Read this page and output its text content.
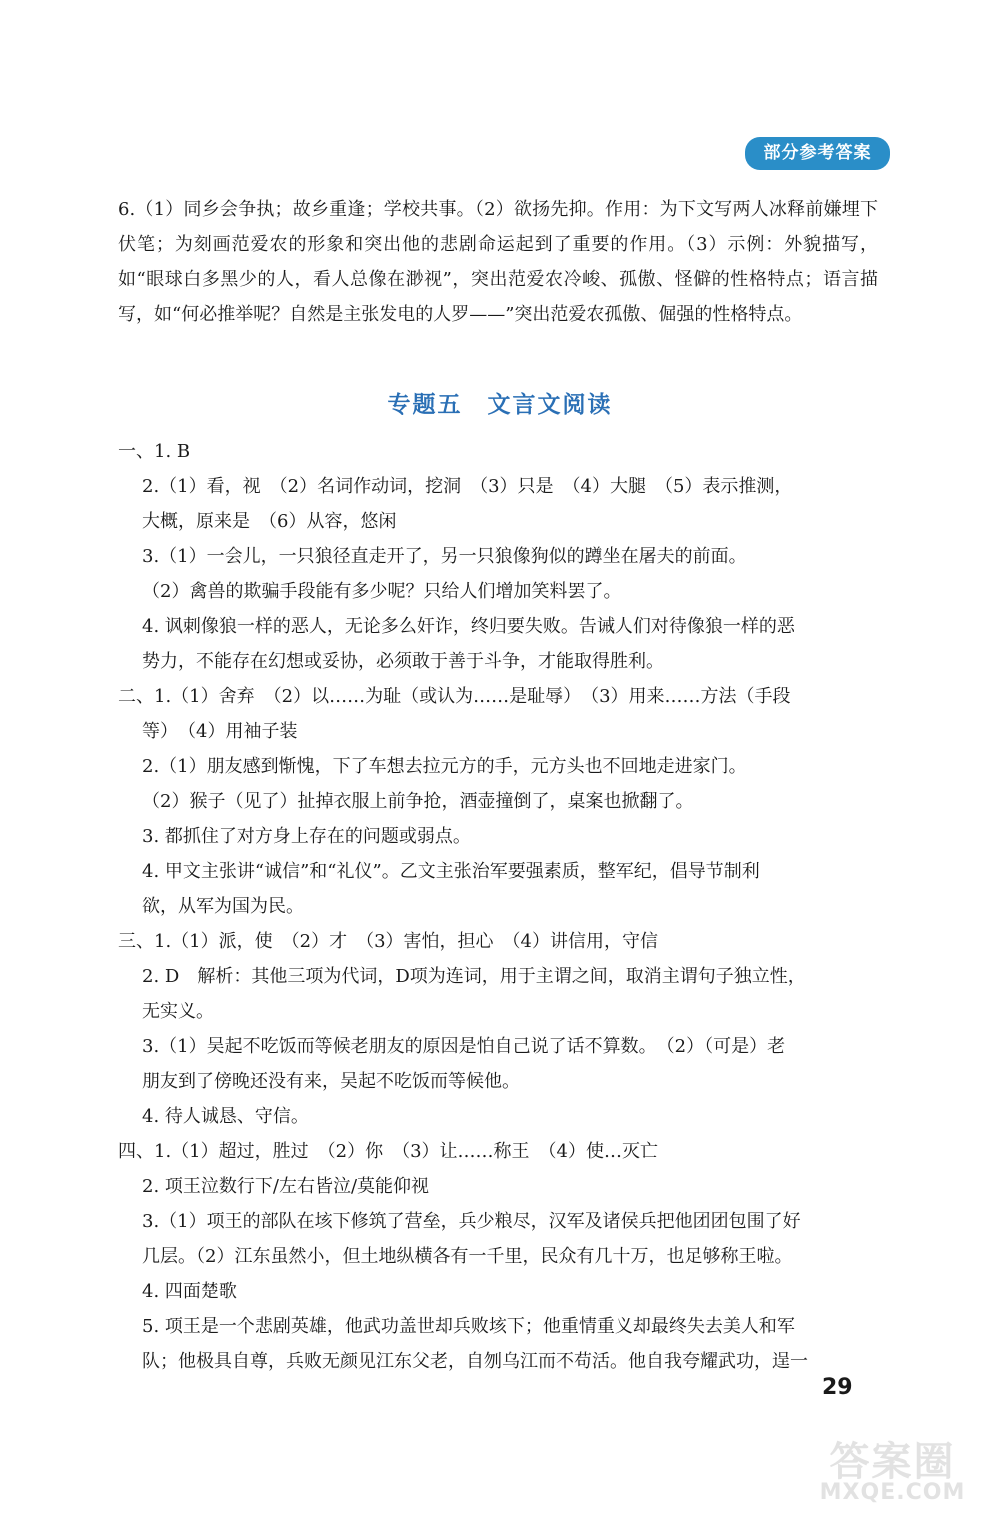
部分参考答案
6.（1）同乡会争执；故乡重逢；学校共事。（2）欲扬先抑。作用：为下文写两人冰释前嫌埋下伏笔；为刻画范爱农的形象和突出他的悲剧命运起到了重要的作用。（3）示例：外貌描写，如“眼球白多黑少的人，看人总像在渺视”，突出范爱农冷峻、孤傲、怪僻的性格特点；语言描写，如“何必推举呢？自然是主张发电的人罗——”突出范爱农孤傲、倔强的性格特点。
专题五　文言文阅读
一、1. B
2.（1）看，视　（2）名词作动词，挖洞　（3）只是　（4）大腿　（5）表示推测，
大概，原来是　（6）从容，悠闲
3.（1）一会儿，一只狼径直走开了，另一只狼像狗似的蹲坐在屠夫的前面。
（2）禽兽的欺骗手段能有多少呢？只给人们增加笑料罢了。
4. 讽刺像狼一样的恶人，无论多么奸诈，终归要失败。告诫人们对待像狼一样的恶
势力，不能存在幻想或妥协，必须敢于善于斗争，才能取得胜利。
二、1.（1）舍弃　（2）以……为耻（或认为……是耻辱）　（3）用来……方法（手段
等）　（4）用袖子装
2.（1）朋友感到惭愧，下了车想去拉元方的手，元方头也不回地走进家门。
（2）猴子（见了）扯掉衣服上前争抢，酒壶撞倒了，桌案也掀翻了。
3. 都抓住了对方身上存在的问题或弱点。
4. 甲文主张讲“诚信”和“礼仪”。乙文主张治军要强素质，整军纪，倡导节制利
欲，从军为国为民。
三、1.（1）派，使　（2）才　（3）害怕，担心　（4）讲信用，守信
2. D　解析：其他三项为代词，D项为连词，用于主谓之间，取消主谓句子独立性，
无实义。
3.（1）吴起不吃饭而等候老朋友的原因是怕自己说了话不算数。　（2）（可是）老
朋友到了傍晚还没有来，吴起不吃饭而等候他。
4. 待人诚恳、守信。
四、1.（1）超过，胜过　（2）你　（3）让……称王　（4）使…灭亡
2. 项王泣数行下/左右皆泣/莫能仰视
3.（1）项王的部队在垓下修筑了营垒，兵少粮尽，汉军及诸侯兵把他团团包围了好
几层。（2）江东虽然小，但土地纵横各有一千里，民众有几十万，也足够称王啦。
4. 四面楚歌
5. 项王是一个悲剧英雄，他武功盖世却兵败垓下；他重情重义却最终失去美人和军
队；他极具自尊，兵败无颜见江东父老，自刎乌江而不苟活。他自我夸耀武功，逞一
29
答案圈
MXQE.COM
